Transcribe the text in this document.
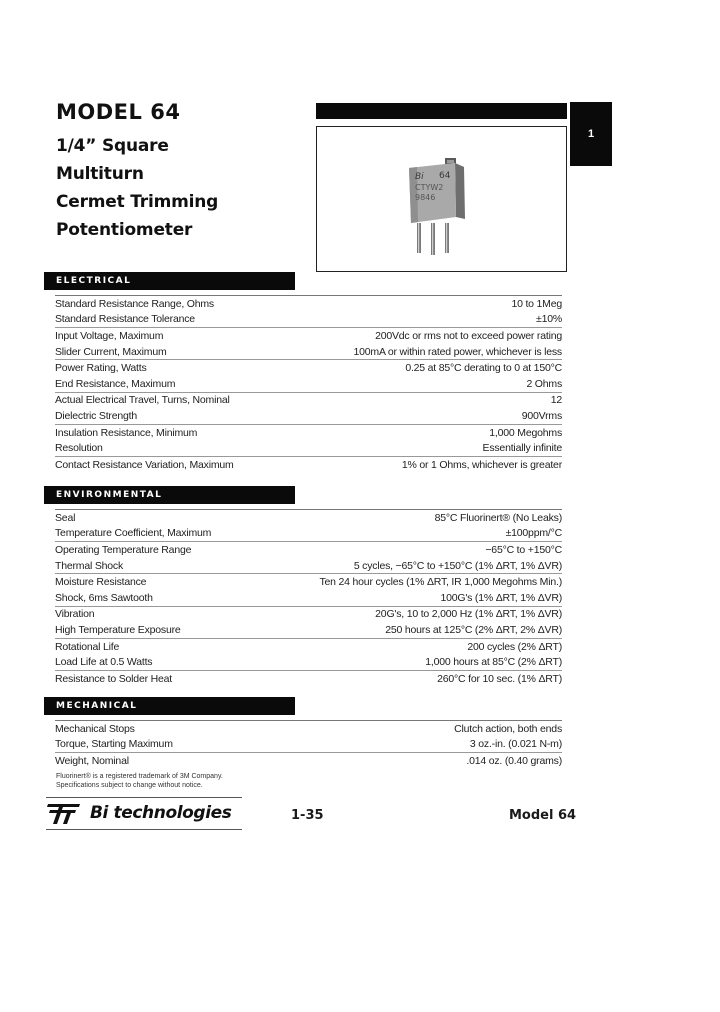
MODEL 64
1/4” Square
Multiturn
Cermet Trimming
Potentiometer
Bi 64
CTYW2
9846
1
ELECTRICAL
Standard Resistance Range, Ohms	10 to 1Meg
Standard Resistance Tolerance	±10%
Input Voltage, Maximum	200Vdc or rms not to exceed power rating
Slider Current, Maximum	100mA or within rated power, whichever is less
Power Rating, Watts	0.25 at 85°C derating to 0 at 150°C
End Resistance, Maximum	2 Ohms
Actual Electrical Travel, Turns, Nominal	12
Dielectric Strength	900Vrms
Insulation Resistance, Minimum	1,000 Megohms
Resolution	Essentially infinite
Contact Resistance Variation, Maximum	1% or 1 Ohms, whichever is greater
ENVIRONMENTAL
Seal	85°C Fluorinert® (No Leaks)
Temperature Coefficient, Maximum	±100ppm/°C
Operating Temperature Range	−65°C to +150°C
Thermal Shock	5 cycles, −65°C to +150°C (1% ΔRT, 1% ΔVR)
Moisture Resistance	Ten 24 hour cycles (1% ΔRT, IR 1,000 Megohms Min.)
Shock, 6ms Sawtooth	100G's (1% ΔRT, 1% ΔVR)
Vibration	20G's, 10 to 2,000 Hz (1% ΔRT, 1% ΔVR)
High Temperature Exposure	250 hours at 125°C (2% ΔRT, 2% ΔVR)
Rotational Life	200 cycles (2% ΔRT)
Load Life at 0.5 Watts	1,000 hours at 85°C (2% ΔRT)
Resistance to Solder Heat	260°C for 10 sec. (1% ΔRT)
MECHANICAL
Mechanical Stops	Clutch action, both ends
Torque, Starting Maximum	3 oz.-in. (0.021 N-m)
Weight, Nominal	.014 oz. (0.40 grams)
Fluorinert® is a registered trademark of 3M Company.
Specifications subject to change without notice.
Bi technologies	1-35	Model 64
